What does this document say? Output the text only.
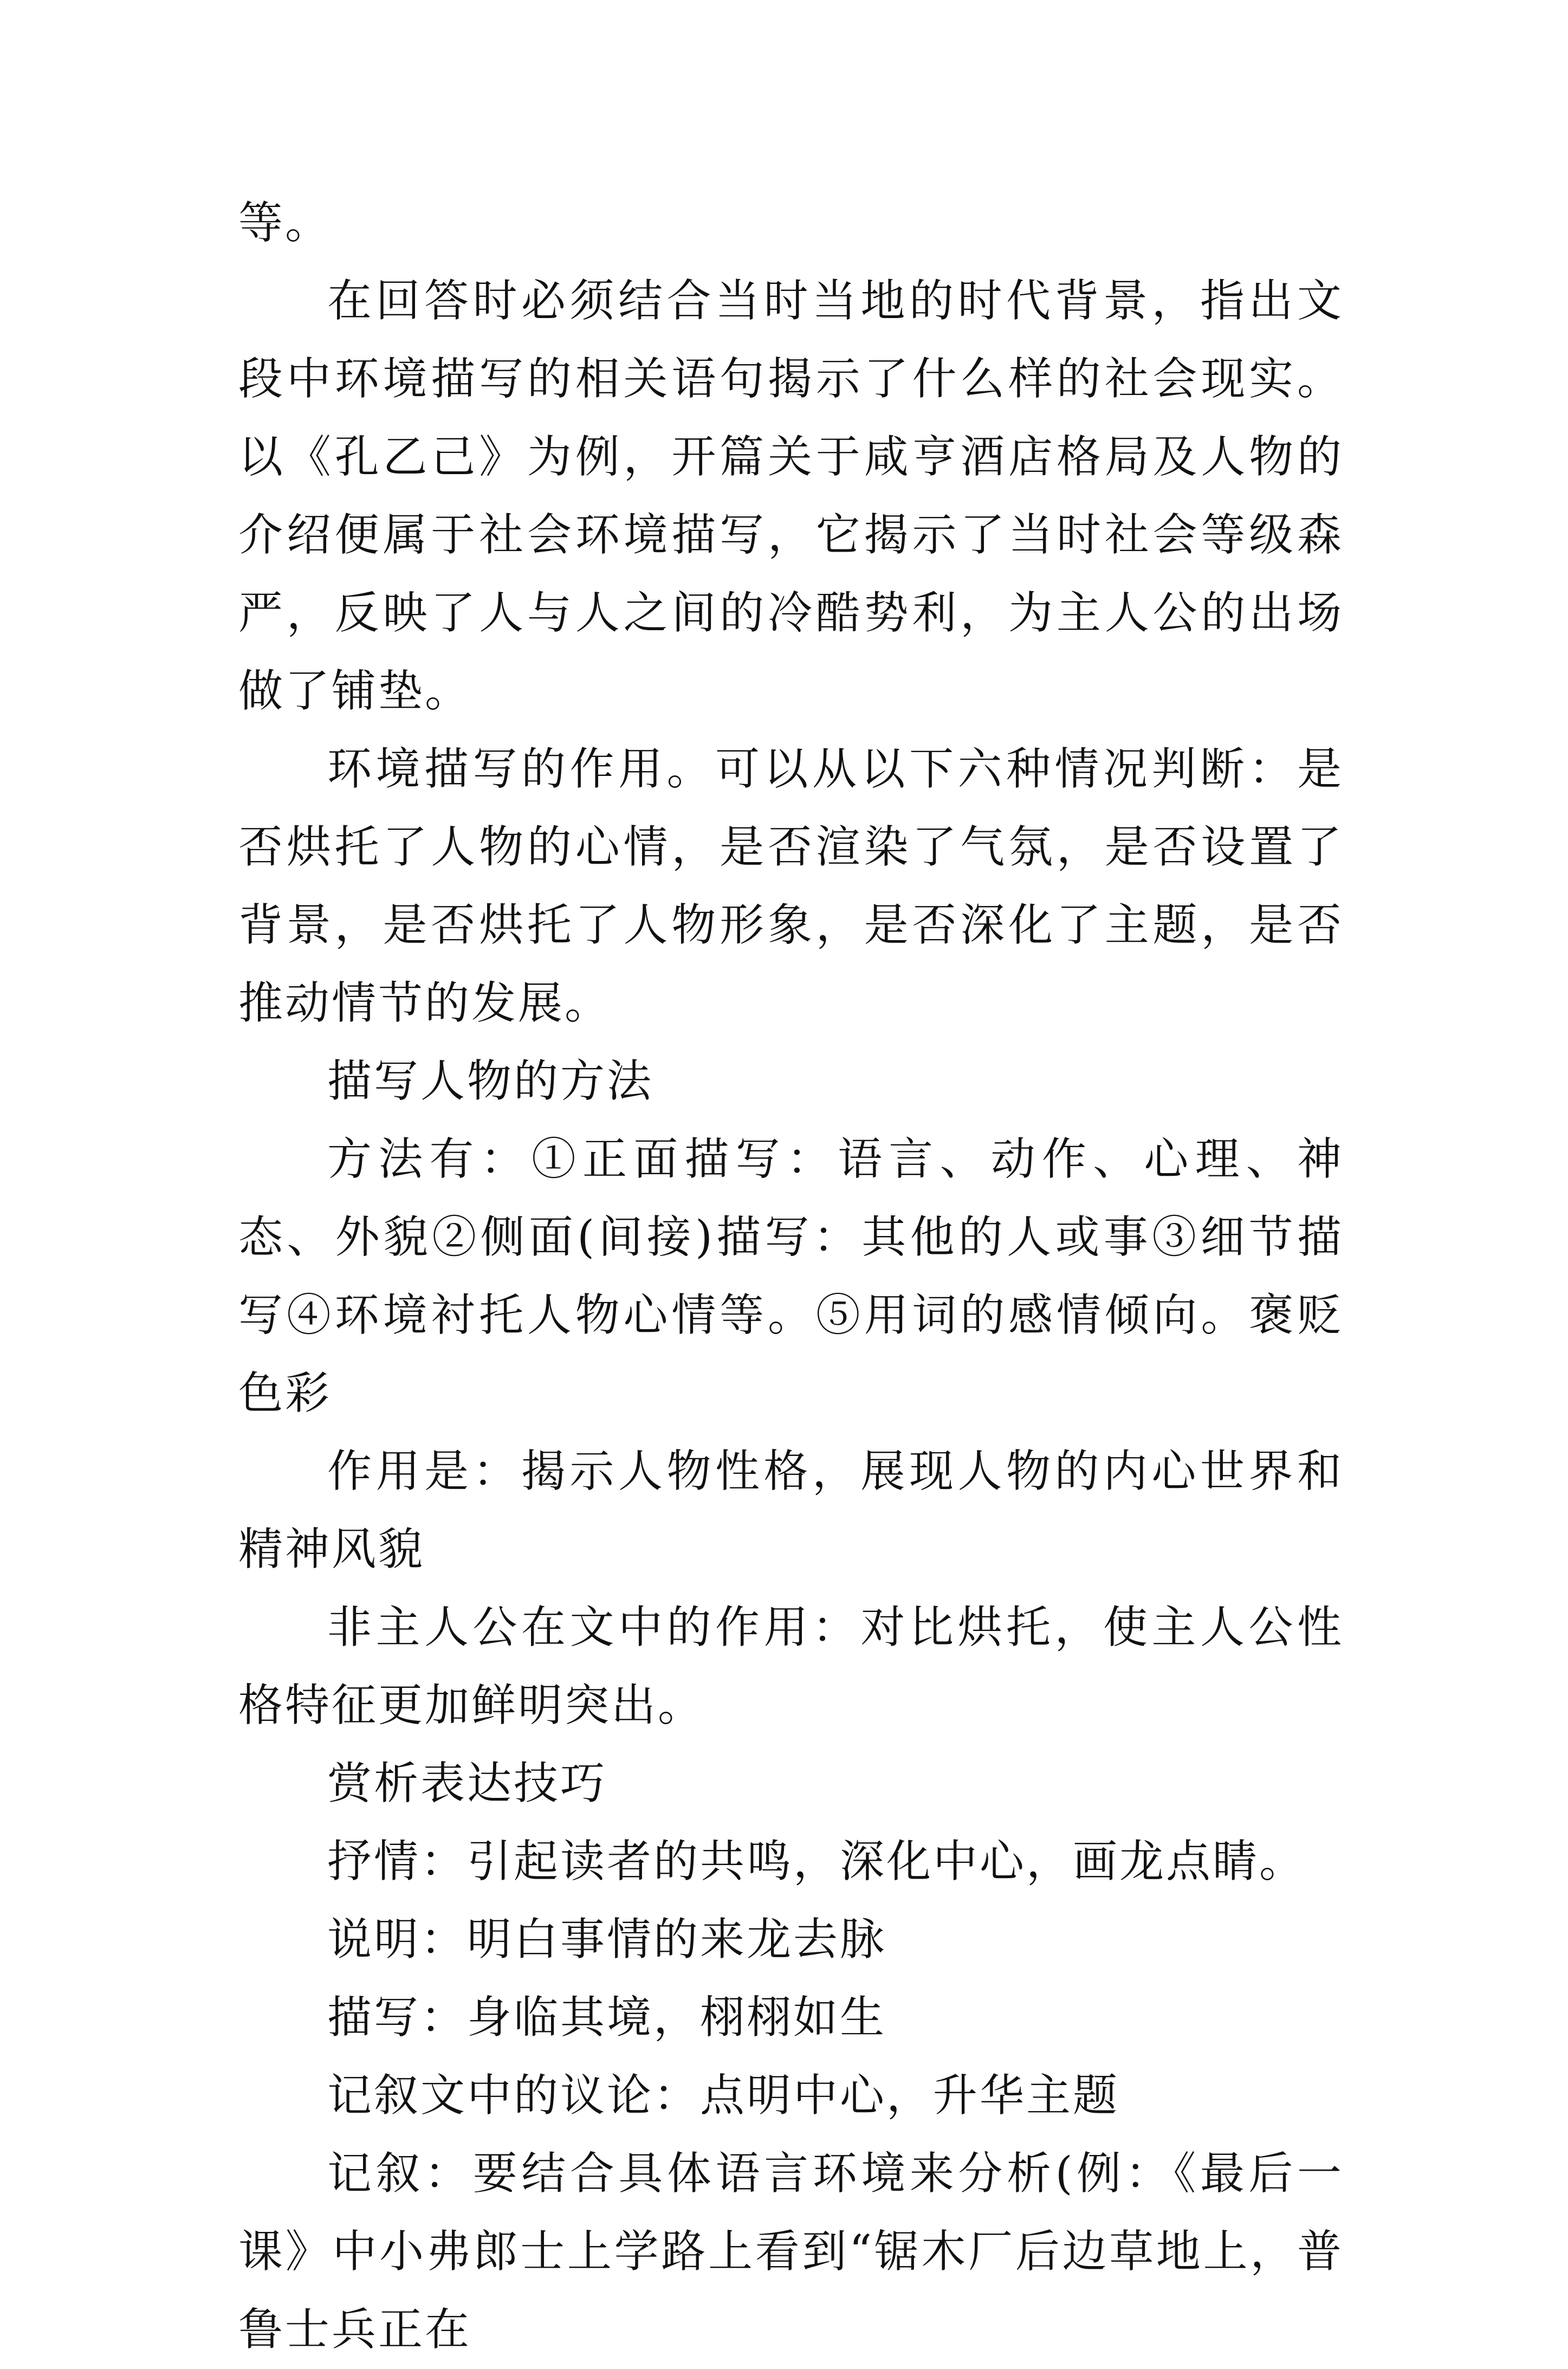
等。

在回答时必须结合当时当地的时代背景，指出文段中环境描写的相关语句揭示了什么样的社会现实。以《孔乙己》为例，开篇关于咸亨酒店格局及人物的介绍便属于社会环境描写，它揭示了当时社会等级森严，反映了人与人之间的冷酷势利，为主人公的出场做了铺垫。

环境描写的作用。可以从以下六种情况判断：是否烘托了人物的心情，是否渲染了气氛，是否设置了背景，是否烘托了人物形象，是否深化了主题，是否推动情节的发展。

描写人物的方法

方法有：①正面描写：语言、动作、心理、神态、外貌②侧面(间接)描写：其他的人或事③细节描写④环境衬托人物心情等。⑤用词的感情倾向。褒贬色彩

作用是：揭示人物性格，展现人物的内心世界和精神风貌

非主人公在文中的作用：对比烘托，使主人公性格特征更加鲜明突出。

赏析表达技巧

抒情：引起读者的共鸣，深化中心，画龙点睛。

说明：明白事情的来龙去脉

描写：身临其境，栩栩如生

记叙文中的议论：点明中心，升华主题

记叙：要结合具体语言环境来分析(例：《最后一课》中小弗郎士上学路上看到“锯木厂后边草地上，普鲁士兵正在
